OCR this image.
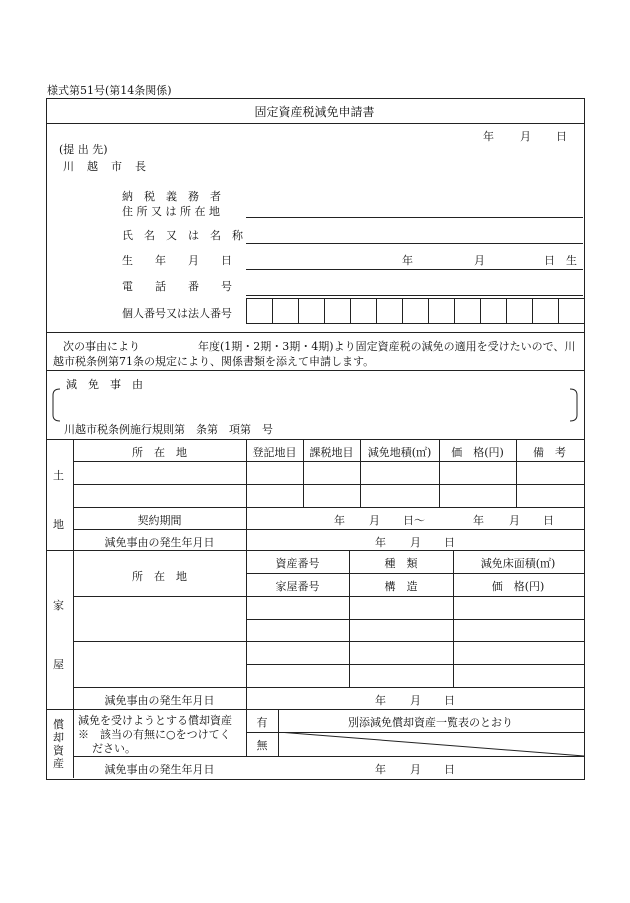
様式第51号(第14条関係)
固定資産税減免申請書
年 月 日
(提 出 先)
川　越　市　長
納　税　義　務　者
住 所 又 は 所 在 地
氏　名　又　は　名　称
生　　年　　月　　日	年	月	日 生
電　　話　　番　　号
個人番号又は法人番号
次の事由により	年度(1期・2期・3期・4期)より固定資産税の減免の適用を受けたいので、川
越市税条例第71条の規定により、関係書類を添えて申請します。
減　免　事　由
川越市税条例施行規則第　条第　項第　号
土
地
所　在　地	登記地目	課税地目	減免地積(㎡)	価　格(円)	備　考
契約期間	年 月 日〜	年 月 日
減免事由の発生年月日	年 月 日
家
屋
所　在　地
資産番号	種　類	減免床面積(㎡)
家屋番号	構　造	価　格(円)
減免事由の発生年月日	年 月 日
償
却
資
産
減免を受けようとする償却資産
※　該当の有無に○をつけてく
ださい。
有
無
別添減免償却資産一覧表のとおり
減免事由の発生年月日	年 月 日
